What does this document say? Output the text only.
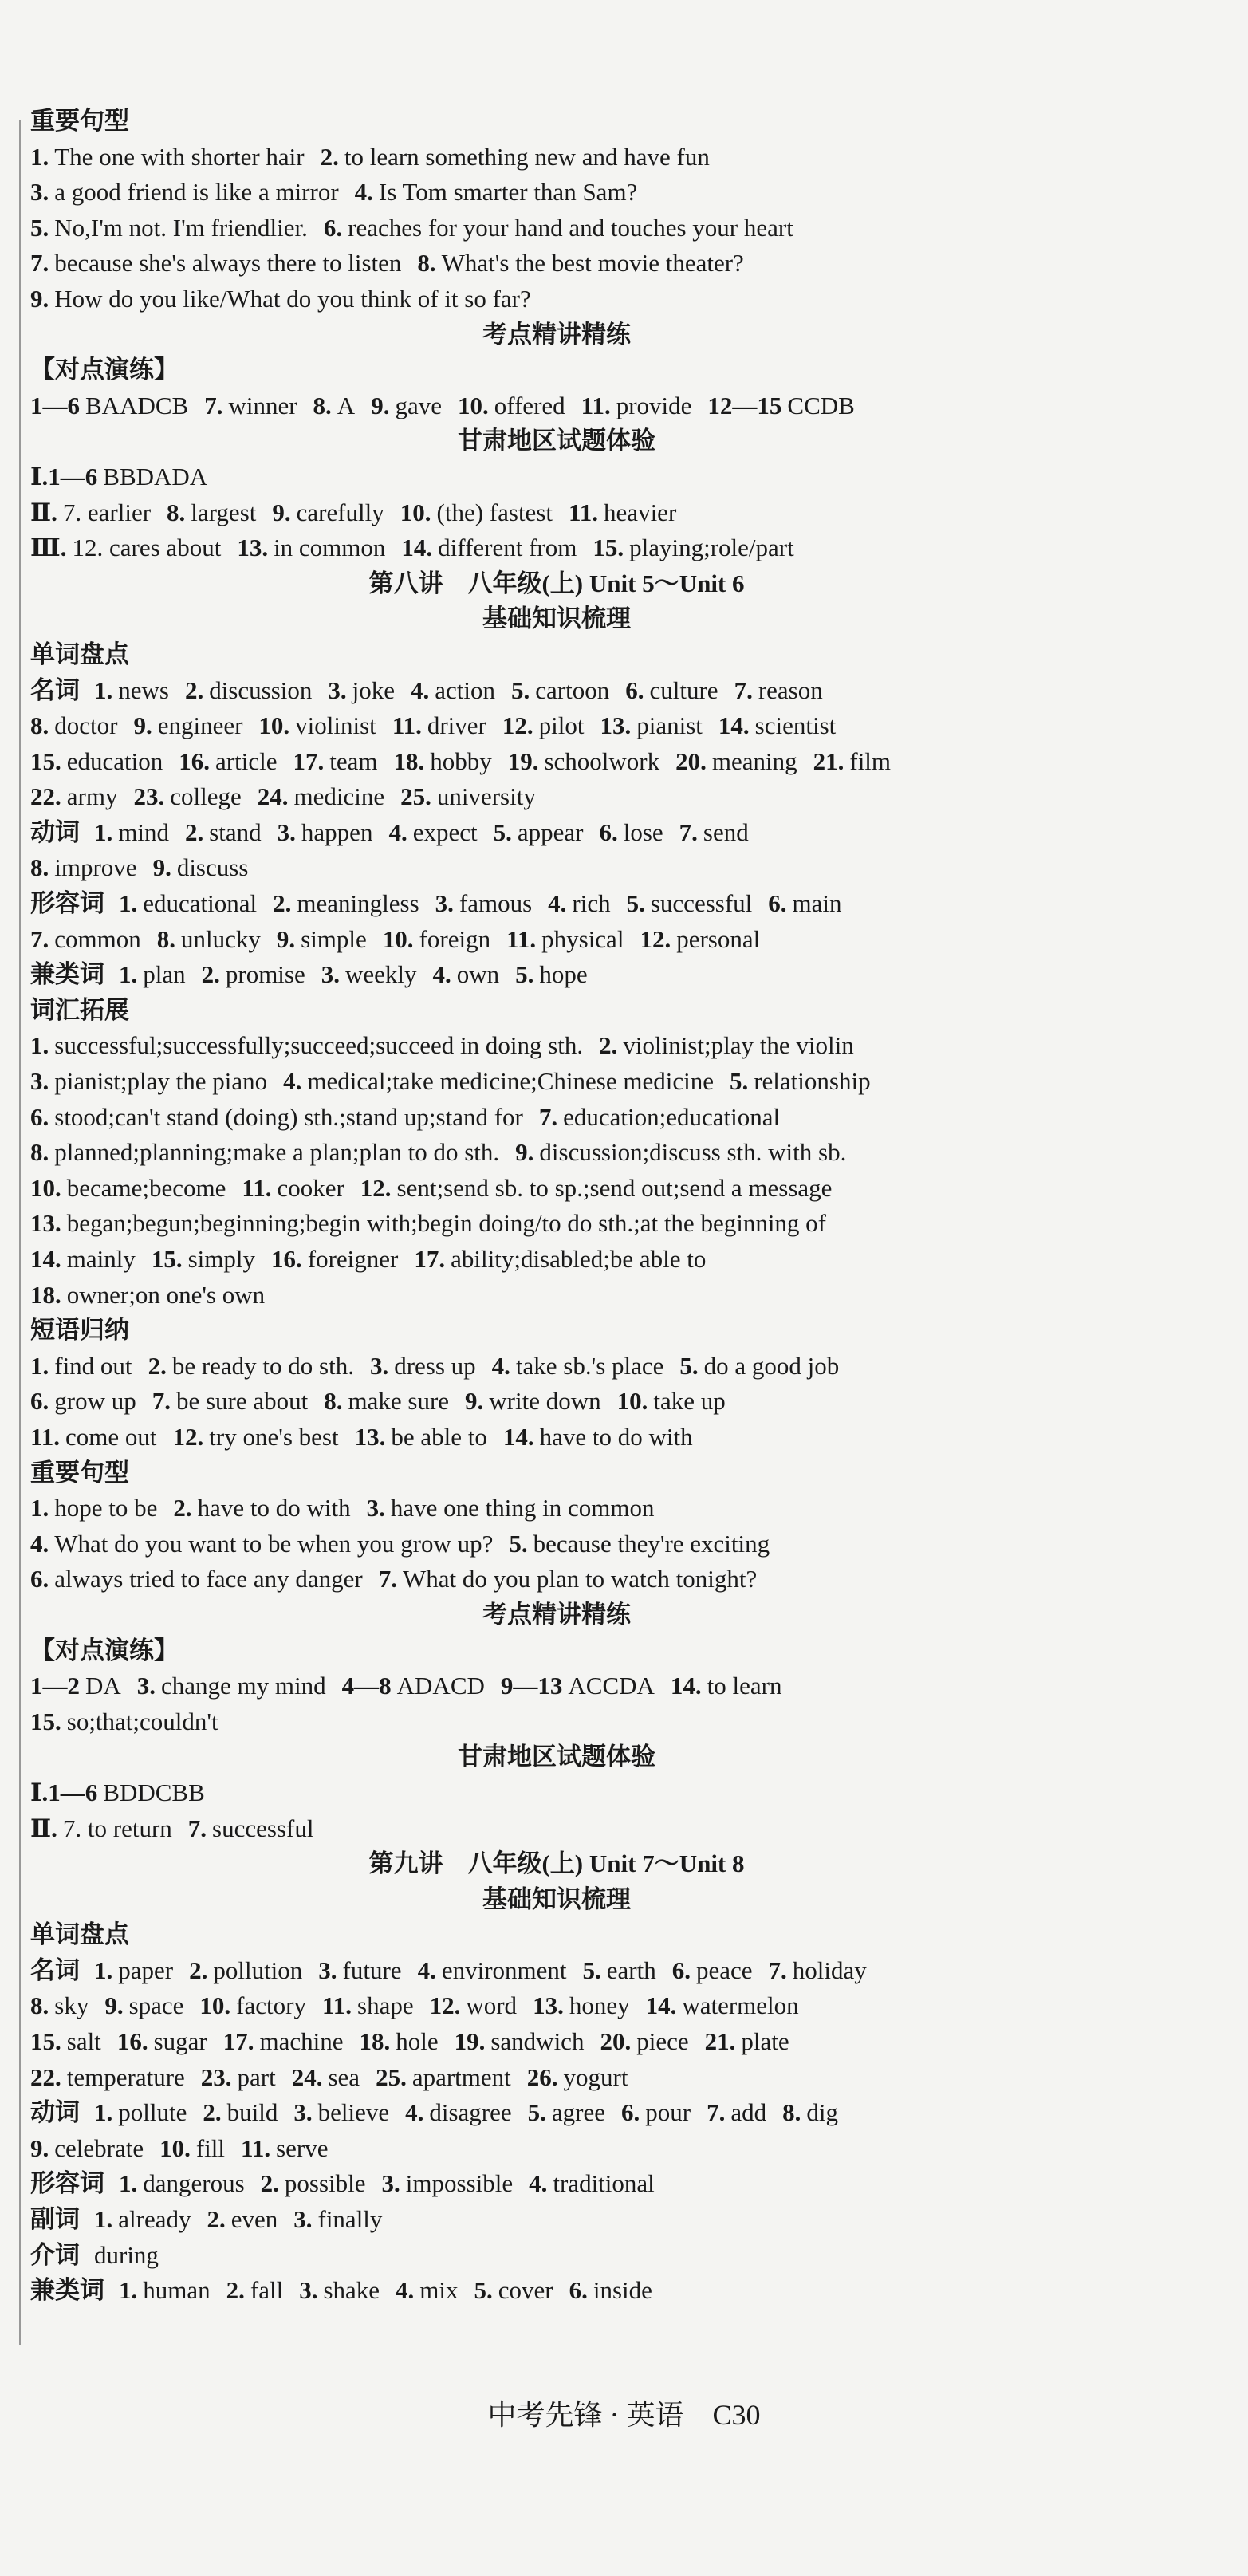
重要句型
1. The one with shorter hair 2. to learn something new and have fun
3. a good friend is like a mirror 4. Is Tom smarter than Sam?
5. No,I'm not. I'm friendlier. 6. reaches for your hand and touches your heart
7. because she's always there to listen 8. What's the best movie theater?
9. How do you like/What do you think of it so far?
考点精讲精练
【对点演练】
1—6 BAADCB 7. winner 8. A 9. gave 10. offered 11. provide 12—15 CCDB
甘肃地区试题体验
Ⅰ.1—6 BBDADA
Ⅱ. 7. earlier 8. largest 9. carefully 10. (the) fastest 11. heavier
Ⅲ. 12. cares about 13. in common 14. different from 15. playing;role/part
第八讲　八年级(上) Unit 5～Unit 6
基础知识梳理
单词盘点
名词 1. news 2. discussion 3. joke 4. action 5. cartoon 6. culture 7. reason
8. doctor 9. engineer 10. violinist 11. driver 12. pilot 13. pianist 14. scientist
15. education 16. article 17. team 18. hobby 19. schoolwork 20. meaning 21. film
22. army 23. college 24. medicine 25. university
动词 1. mind 2. stand 3. happen 4. expect 5. appear 6. lose 7. send
8. improve 9. discuss
形容词 1. educational 2. meaningless 3. famous 4. rich 5. successful 6. main
7. common 8. unlucky 9. simple 10. foreign 11. physical 12. personal
兼类词 1. plan 2. promise 3. weekly 4. own 5. hope
词汇拓展
1. successful;successfully;succeed;succeed in doing sth. 2. violinist;play the violin
3. pianist;play the piano 4. medical;take medicine;Chinese medicine 5. relationship
6. stood;can't stand (doing) sth.;stand up;stand for 7. education;educational
8. planned;planning;make a plan;plan to do sth. 9. discussion;discuss sth. with sb.
10. became;become 11. cooker 12. sent;send sb. to sp.;send out;send a message
13. began;begun;beginning;begin with;begin doing/to do sth.;at the beginning of
14. mainly 15. simply 16. foreigner 17. ability;disabled;be able to
18. owner;on one's own
短语归纳
1. find out 2. be ready to do sth. 3. dress up 4. take sb.'s place 5. do a good job
6. grow up 7. be sure about 8. make sure 9. write down 10. take up
11. come out 12. try one's best 13. be able to 14. have to do with
重要句型
1. hope to be 2. have to do with 3. have one thing in common
4. What do you want to be when you grow up? 5. because they're exciting
6. always tried to face any danger 7. What do you plan to watch tonight?
考点精讲精练
【对点演练】
1—2 DA 3. change my mind 4—8 ADACD 9—13 ACCDA 14. to learn
15. so;that;couldn't
甘肃地区试题体验
Ⅰ.1—6 BDDCBB
Ⅱ. 7. to return 7. successful
第九讲　八年级(上) Unit 7～Unit 8
基础知识梳理
单词盘点
名词 1. paper 2. pollution 3. future 4. environment 5. earth 6. peace 7. holiday
8. sky 9. space 10. factory 11. shape 12. word 13. honey 14. watermelon
15. salt 16. sugar 17. machine 18. hole 19. sandwich 20. piece 21. plate
22. temperature 23. part 24. sea 25. apartment 26. yogurt
动词 1. pollute 2. build 3. believe 4. disagree 5. agree 6. pour 7. add 8. dig
9. celebrate 10. fill 11. serve
形容词 1. dangerous 2. possible 3. impossible 4. traditional
副词 1. already 2. even 3. finally
介词 during
兼类词 1. human 2. fall 3. shake 4. mix 5. cover 6. inside
中考先锋 · 英语　C30
